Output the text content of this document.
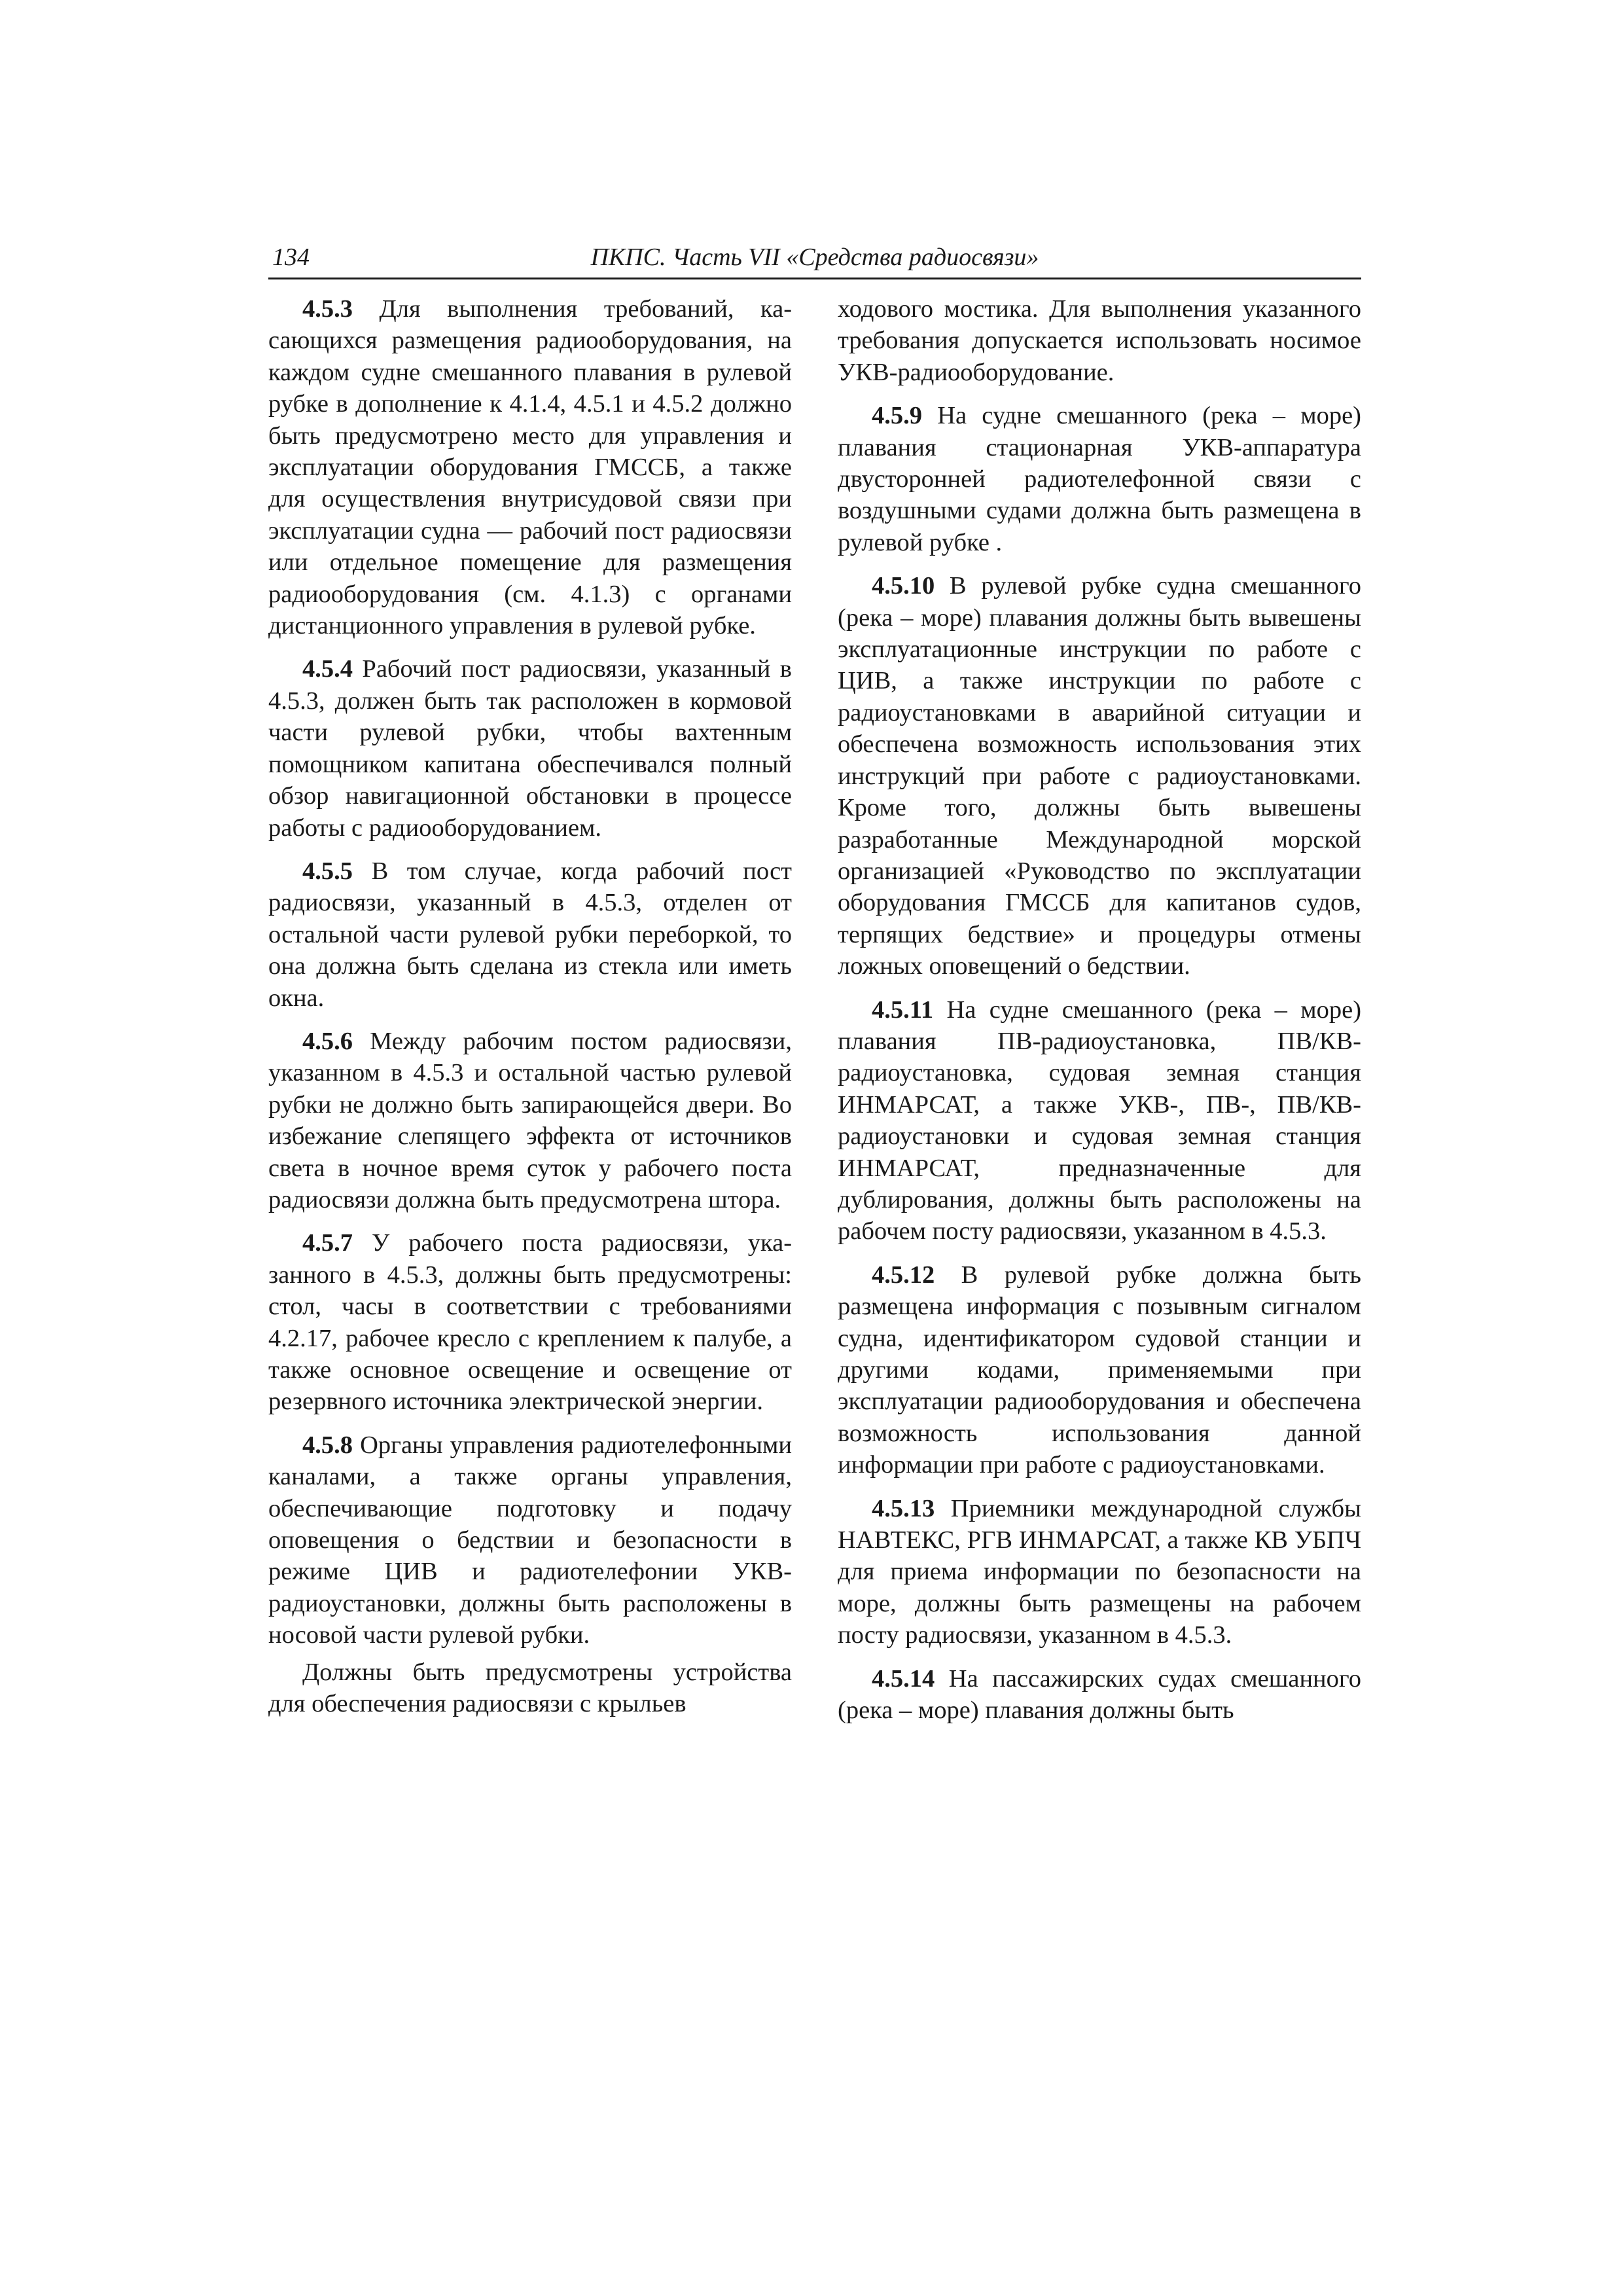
134	ПКПС. Часть VII «Средства радиосвязи»

4.5.3 Для выполнения требований, касающихся размещения радиооборудования, на каждом судне смешанного плавания в рулевой рубке в дополнение к 4.1.4, 4.5.1 и 4.5.2 должно быть предусмотрено место для управления и эксплуатации оборудования ГМССБ, а также для осуществления внутрисудовой связи при эксплуатации судна — рабочий пост радиосвязи или отдельное помещение для размещения радиооборудования (см. 4.1.3) с органами дистанционного управления в рулевой рубке.

4.5.4 Рабочий пост радиосвязи, указанный в 4.5.3, должен быть так расположен в кормовой части рулевой рубки, чтобы вахтенным помощником капитана обеспечивался полный обзор навигационной обстановки в процессе работы с радиооборудованием.

4.5.5 В том случае, когда рабочий пост радиосвязи, указанный в 4.5.3, отделен от остальной части рулевой рубки переборкой, то она должна быть сделана из стекла или иметь окна.

4.5.6 Между рабочим постом радиосвязи, указанном в 4.5.3 и остальной частью рулевой рубки не должно быть запирающейся двери. Во избежание слепящего эффекта от источников света в ночное время суток у рабочего поста радиосвязи должна быть предусмотрена штора.

4.5.7 У рабочего поста радиосвязи, указанного в 4.5.3, должны быть предусмотрены: стол, часы в соответствии с требованиями 4.2.17, рабочее кресло с креплением к палубе, а также основное освещение и освещение от резервного источника электрической энергии.

4.5.8 Органы управления радиотелефонными каналами, а также органы управления, обеспечивающие подготовку и подачу оповещения о бедствии и безопасности в режиме ЦИВ и радиотелефонии УКВ-радиоустановки, должны быть расположены в носовой части рулевой рубки.

Должны быть предусмотрены устройства для обеспечения радиосвязи с крыльев

ходового мостика. Для выполнения указанного требования допускается использовать носимое УКВ-радиооборудование.

4.5.9 На судне смешанного (река – море) плавания стационарная УКВ-аппаратура двусторонней радиотелефонной связи с воздушными судами должна быть размещена в рулевой рубке .

4.5.10 В рулевой рубке судна смешанного (река – море) плавания должны быть вывешены эксплуатационные инструкции по работе с ЦИВ, а также инструкции по работе с радиоустановками в аварийной ситуации и обеспечена возможность использования этих инструкций при работе с радиоустановками. Кроме того, должны быть вывешены разработанные Международной морской организацией «Руководство по эксплуатации оборудования ГМССБ для капитанов судов, терпящих бедствие» и процедуры отмены ложных оповещений о бедствии.

4.5.11 На судне смешанного (река – море) плавания ПВ-радиоустановка, ПВ/КВ-радиоустановка, судовая земная станция ИНМАРСАТ, а также УКВ-, ПВ-, ПВ/КВ-радиоустановки и судовая земная станция ИНМАРСАТ, предназначенные для дублирования, должны быть расположены на рабочем посту радиосвязи, указанном в 4.5.3.

4.5.12 В рулевой рубке должна быть размещена информация с позывным сигналом судна, идентификатором судовой станции и другими кодами, применяемыми при эксплуатации радиооборудования и обеспечена возможность использования данной информации при работе с радиоустановками.

4.5.13 Приемники международной службы НАВТЕКС, РГВ ИНМАРСАТ, а также КВ УБПЧ для приема информации по безопасности на море, должны быть размещены на рабочем посту радиосвязи, указанном в 4.5.3.

4.5.14 На пассажирских судах смешанного (река – море) плавания должны быть
